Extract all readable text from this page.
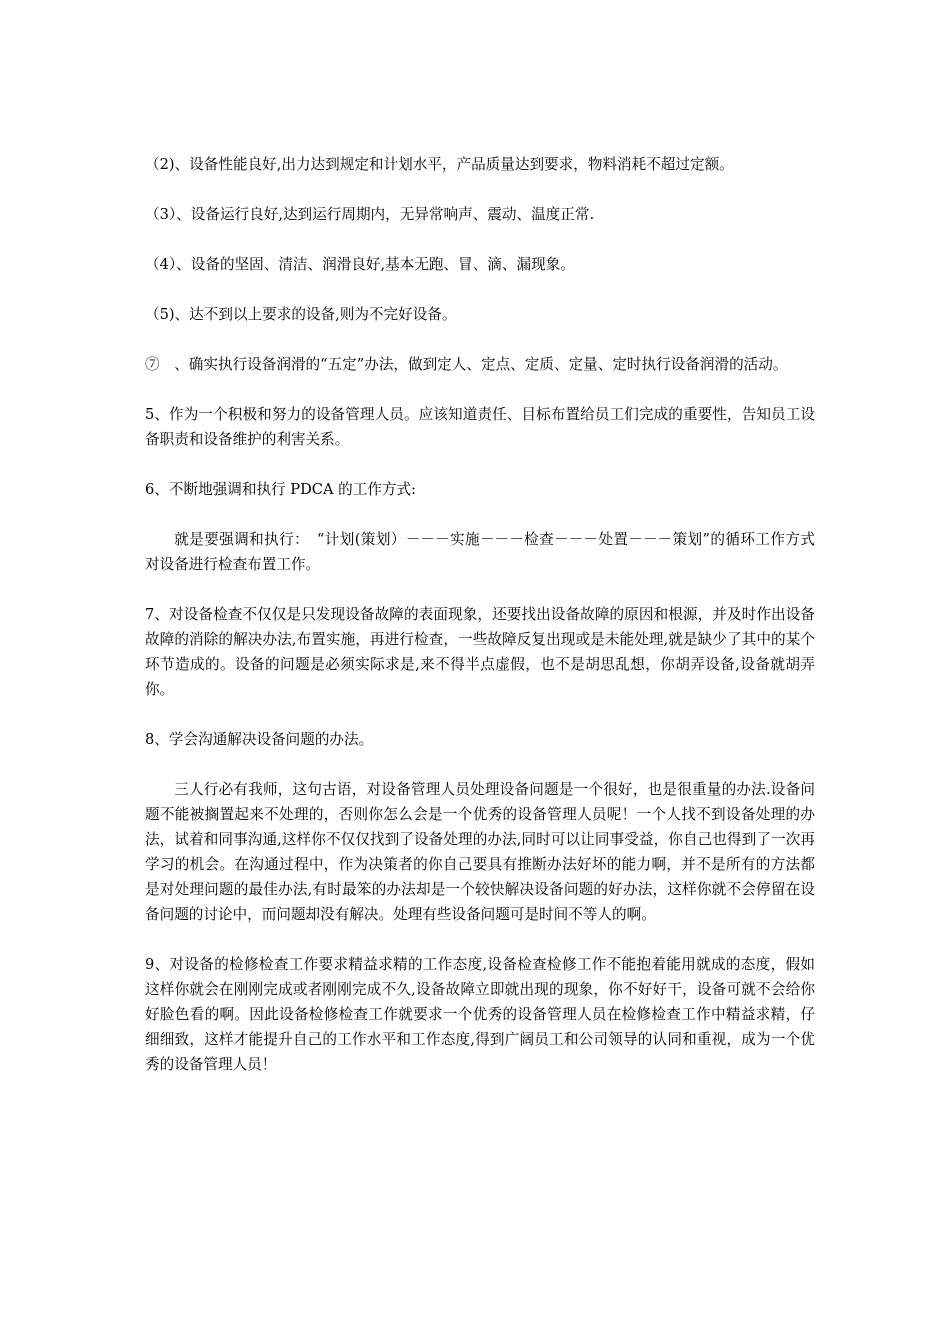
（2)、设备性能良好,出力达到规定和计划水平，产品质量达到要求，物料消耗不超过定额。

（3）、设备运行良好,达到运行周期内，无异常响声、震动、温度正常.

（4）、设备的坚固、清洁、润滑良好,基本无跑、冒、滴、漏现象。

（5)、达不到以上要求的设备,则为不完好设备。

⑦　、确实执行设备润滑的“五定”办法，做到定人、定点、定质、定量、定时执行设备润滑的活动。

5、作为一个积极和努力的设备管理人员。应该知道责任、目标布置给员工们完成的重要性，告知员工设备职责和设备维护的利害关系。

6、不断地强调和执行 PDCA 的工作方式:

就是要强调和执行：　“计划(策划）－－－实施－－－检查－－－处置－－－策划”的循环工作方式对设备进行检查布置工作。

7、对设备检查不仅仅是只发现设备故障的表面现象，还要找出设备故障的原因和根源，并及时作出设备故障的消除的解决办法,布置实施，再进行检查，一些故障反复出现或是未能处理,就是缺少了其中的某个环节造成的。设备的问题是必须实际求是,来不得半点虚假，也不是胡思乱想，你胡弄设备,设备就胡弄你。

8、学会沟通解决设备问题的办法。

三人行必有我师，这句古语，对设备管理人员处理设备问题是一个很好，也是很重量的办法.设备问题不能被搁置起来不处理的，否则你怎么会是一个优秀的设备管理人员呢！一个人找不到设备处理的办法，试着和同事沟通,这样你不仅仅找到了设备处理的办法,同时可以让同事受益，你自己也得到了一次再学习的机会。在沟通过程中，作为决策者的你自己要具有推断办法好坏的能力啊，并不是所有的方法都是对处理问题的最佳办法,有时最笨的办法却是一个较快解决设备问题的好办法，这样你就不会停留在设备问题的讨论中，而问题却没有解决。处理有些设备问题可是时间不等人的啊。

9、对设备的检修检查工作要求精益求精的工作态度,设备检查检修工作不能抱着能用就成的态度，假如这样你就会在刚刚完成或者刚刚完成不久,设备故障立即就出现的现象，你不好好干，设备可就不会给你好脸色看的啊。因此设备检修检查工作就要求一个优秀的设备管理人员在检修检查工作中精益求精，仔细细致，这样才能提升自己的工作水平和工作态度,得到广阔员工和公司领导的认同和重视，成为一个优秀的设备管理人员！
